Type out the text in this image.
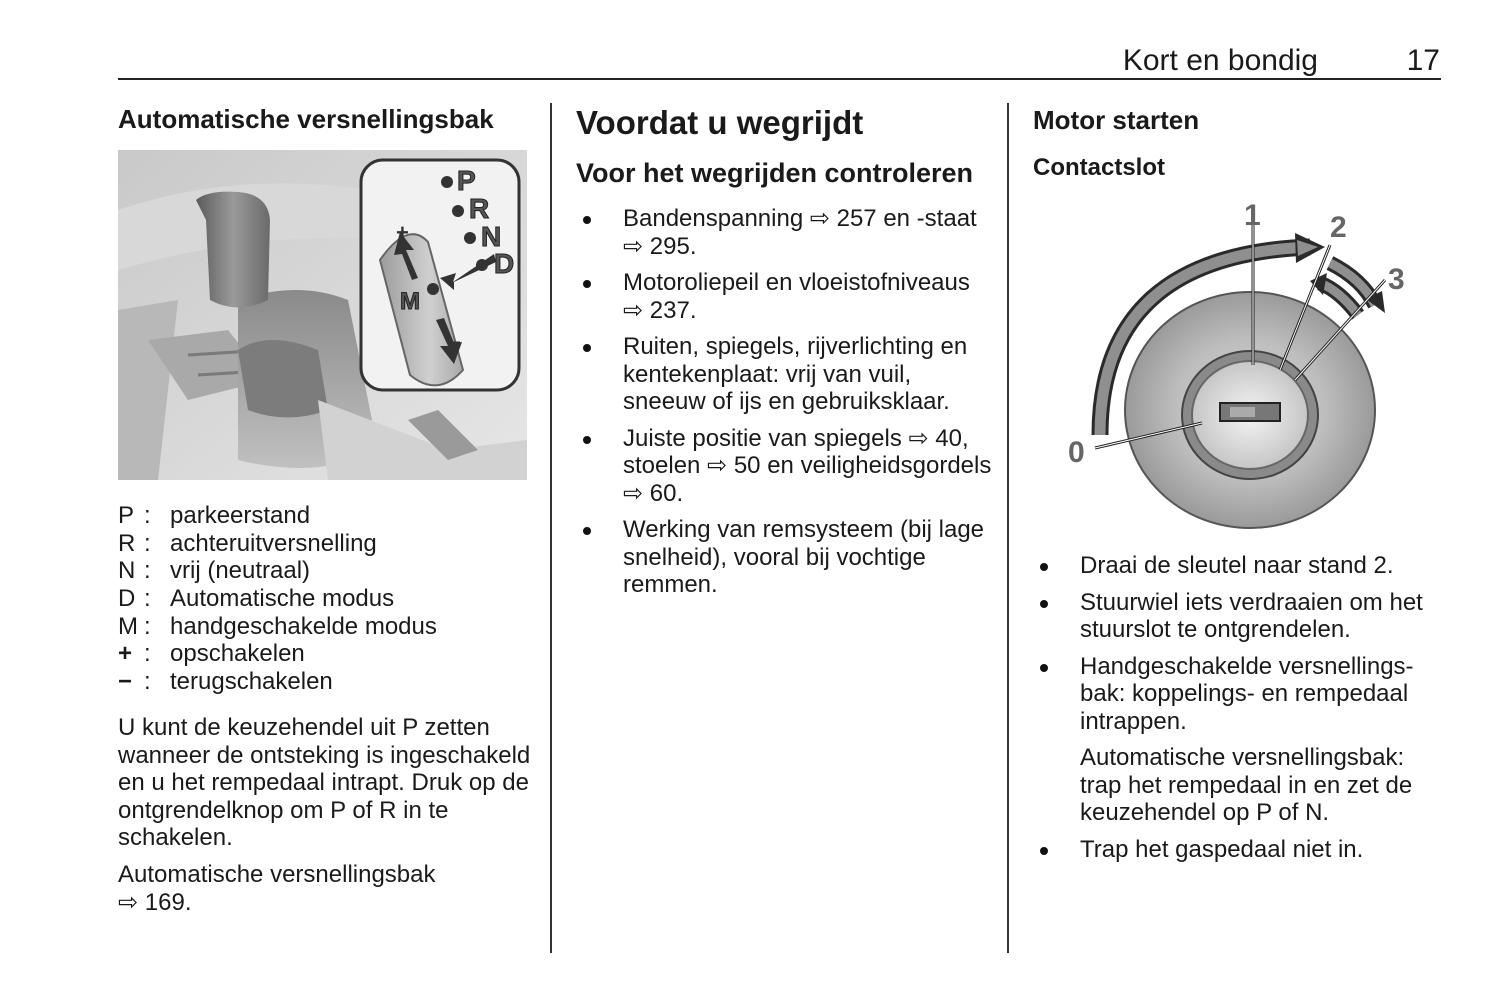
Kort en bondig	17
Automatische versnellingsbak
P
R
N
D
M
+
−
P : parkeerstand
R : achteruitversnelling
N : vrij (neutraal)
D : Automatische modus
M : handgeschakelde modus
+ : opschakelen
− : terugschakelen

U kunt de keuzehendel uit P zetten wanneer de ontsteking is ingeschakeld en u het rempedaal intrapt. Druk op de ontgrendelknop om P of R in te schakelen.

Automatische versnellingsbak

⇨ 169.

Voordat u wegrijdt
Voor het wegrijden controleren
Bandenspanning ⇨ 257 en -staat ⇨ 295.
Motoroliepeil en vloeistofniveaus ⇨ 237.
Ruiten, spiegels, rijverlichting en kentekenplaat: vrij van vuil, sneeuw of ijs en gebruiksklaar.
Juiste positie van spiegels ⇨ 40, stoelen ⇨ 50 en veiligheidsgordels ⇨ 60.
Werking van remsysteem (bij lage snelheid), vooral bij vochtige remmen.
Motor starten
Contactslot
0
1 2
3
Draai de sleutel naar stand 2.
Stuurwiel iets verdraaien om het stuurslot te ontgrendelen.
Handgeschakelde versnellingsbak: koppelings- en rempedaal intrappen.

Automatische versnellingsbak: trap het rempedaal in en zet de keuzehendel op P of N.

Trap het gaspedaal niet in.
